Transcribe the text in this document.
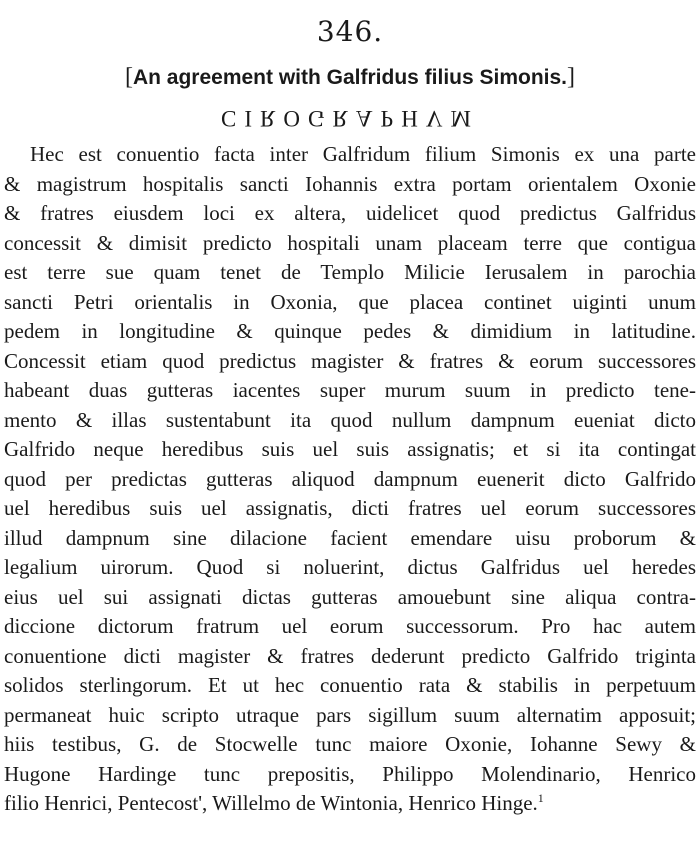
346.
[An agreement with Galfridus filius Simonis.]
CIROGRAPHVM
Hec est conuentio facta inter Galfridum filium Simonis ex una parte
& magistrum hospitalis sancti Iohannis extra portam orientalem Oxonie
& fratres eiusdem loci ex altera, uidelicet quod predictus Galfridus
concessit & dimisit predicto hospitali unam placeam terre que contigua
est terre sue quam tenet de Templo Milicie Ierusalem in parochia
sancti Petri orientalis in Oxonia, que placea continet uiginti unum
pedem in longitudine & quinque pedes & dimidium in latitudine.
Concessit etiam quod predictus magister & fratres & eorum successores
habeant duas gutteras iacentes super murum suum in predicto tene-
mento & illas sustentabunt ita quod nullum dampnum eueniat dicto
Galfrido neque heredibus suis uel suis assignatis; et si ita contingat
quod per predictas gutteras aliquod dampnum euenerit dicto Galfrido
uel heredibus suis uel assignatis, dicti fratres uel eorum successores
illud dampnum sine dilacione facient emendare uisu proborum &
legalium uirorum. Quod si noluerint, dictus Galfridus uel heredes
eius uel sui assignati dictas gutteras amouebunt sine aliqua contra-
diccione dictorum fratrum uel eorum successorum. Pro hac autem
conuentione dicti magister & fratres dederunt predicto Galfrido triginta
solidos sterlingorum. Et ut hec conuentio rata & stabilis in perpetuum
permaneat huic scripto utraque pars sigillum suum alternatim apposuit;
hiis testibus, G. de Stocwelle tunc maiore Oxonie, Iohanne Sewy &
Hugone Hardinge tunc prepositis, Philippo Molendinario, Henrico
filio Henrici, Pentecost', Willelmo de Wintonia, Henrico Hinge.$^1$
